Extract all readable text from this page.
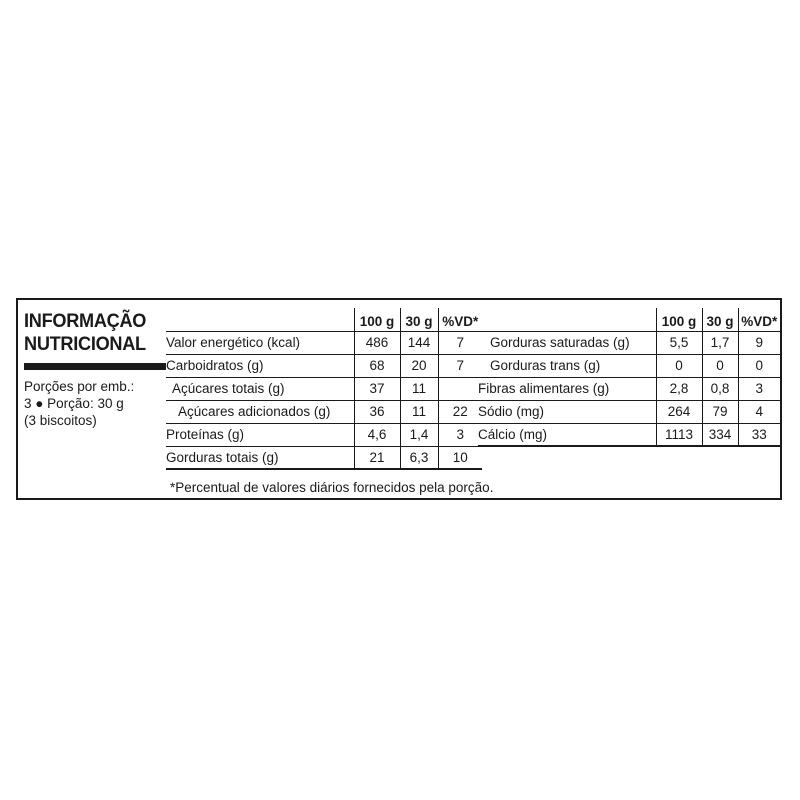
INFORMAÇÃO
NUTRICIONAL
Porções por emb.:
3 ● Porção: 30 g
(3 biscoitos)
	100 g	30 g	%VD*
Valor energético (kcal)	486	144	7
Carboidratos (g)	68	20	7
Açúcares totais (g)	37	11	
Açúcares adicionados (g)	36	11	22
Proteínas (g)	4,6	1,4	3
Gorduras totais (g)	21	6,3	10
	100 g	30 g	%VD*
Gorduras saturadas (g)	5,5	1,7	9
Gorduras trans (g)	0	0	0
Fibras alimentares (g)	2,8	0,8	3
Sódio (mg)	264	79	4
Cálcio (mg)	1113	334	33
*Percentual de valores diários fornecidos pela porção.
